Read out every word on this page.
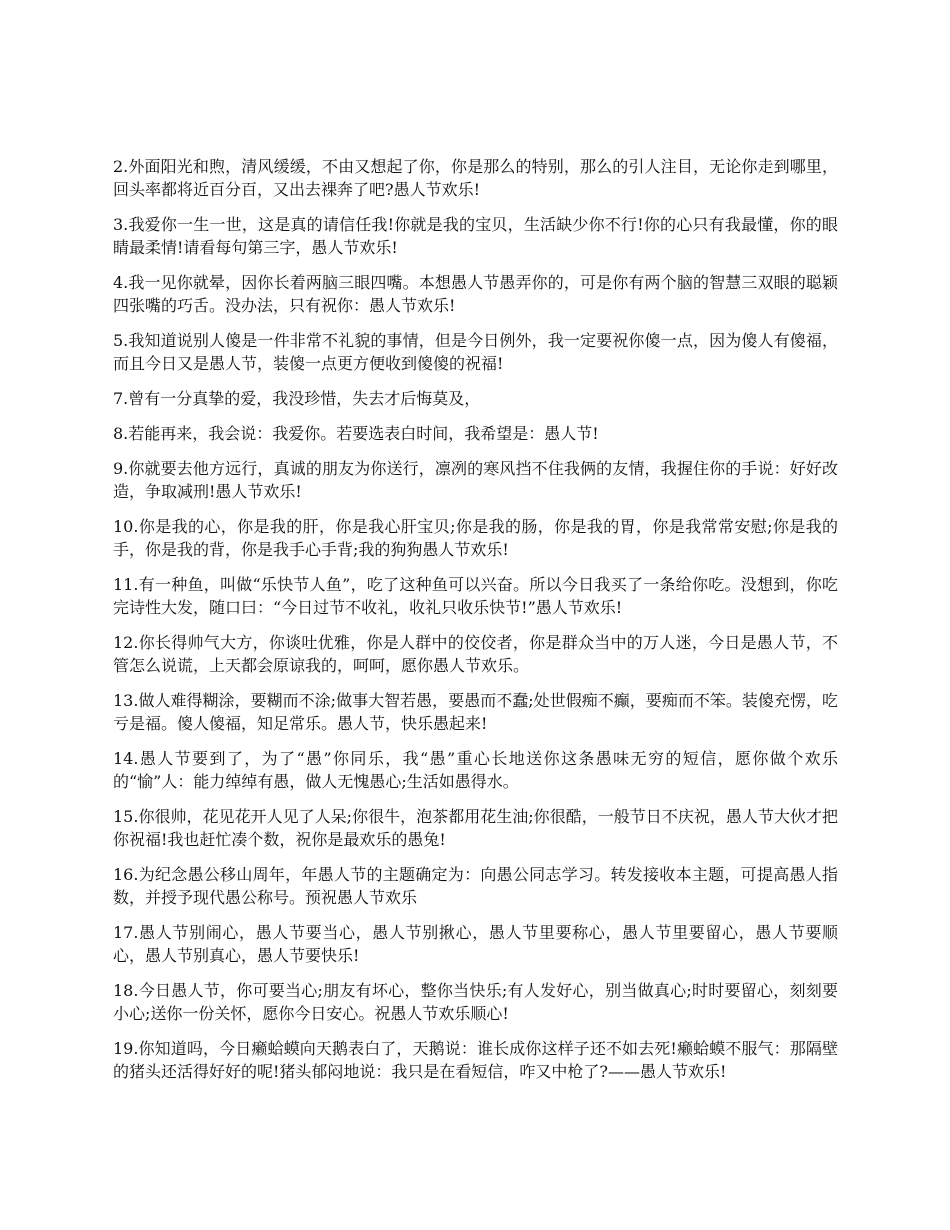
2.外面阳光和煦，清风缓缓，不由又想起了你，你是那么的特别，那么的引人注目，无论你走到哪里，回头率都将近百分百，又出去裸奔了吧?愚人节欢乐!

3.我爱你一生一世，这是真的请信任我!你就是我的宝贝，生活缺少你不行!你的心只有我最懂，你的眼睛最柔情!请看每句第三字，愚人节欢乐!

4.我一见你就晕，因你长着两脑三眼四嘴。本想愚人节愚弄你的，可是你有两个脑的智慧三双眼的聪颖四张嘴的巧舌。没办法，只有祝你：愚人节欢乐!

5.我知道说别人傻是一件非常不礼貌的事情，但是今日例外，我一定要祝你傻一点，因为傻人有傻福，而且今日又是愚人节，装傻一点更方便收到傻傻的祝福!

7.曾有一分真挚的爱，我没珍惜，失去才后悔莫及，

8.若能再来，我会说：我爱你。若要选表白时间，我希望是：愚人节!

9.你就要去他方远行，真诚的朋友为你送行，凛冽的寒风挡不住我俩的友情，我握住你的手说：好好改造，争取减刑!愚人节欢乐!

10.你是我的心，你是我的肝，你是我心肝宝贝;你是我的肠，你是我的胃，你是我常常安慰;你是我的手，你是我的背，你是我手心手背;我的狗狗愚人节欢乐!

11.有一种鱼，叫做“乐快节人鱼”，吃了这种鱼可以兴奋。所以今日我买了一条给你吃。没想到，你吃完诗性大发，随口曰：“今日过节不收礼，收礼只收乐快节!”愚人节欢乐!

12.你长得帅气大方，你谈吐优雅，你是人群中的佼佼者，你是群众当中的万人迷，今日是愚人节，不管怎么说谎，上天都会原谅我的，呵呵，愿你愚人节欢乐。

13.做人难得糊涂，要糊而不涂;做事大智若愚，要愚而不蠢;处世假痴不癫，要痴而不笨。装傻充愣，吃亏是福。傻人傻福，知足常乐。愚人节，快乐愚起来!

14.愚人节要到了，为了“愚”你同乐，我“愚”重心长地送你这条愚味无穷的短信，愿你做个欢乐的“愉”人：能力绰绰有愚，做人无愧愚心;生活如愚得水。

15.你很帅，花见花开人见了人呆;你很牛，泡茶都用花生油;你很酷，一般节日不庆祝，愚人节大伙才把你祝福!我也赶忙凑个数，祝你是最欢乐的愚兔!

16.为纪念愚公移山周年，年愚人节的主题确定为：向愚公同志学习。转发接收本主题，可提高愚人指数，并授予现代愚公称号。预祝愚人节欢乐

17.愚人节别闹心，愚人节要当心，愚人节别揪心，愚人节里要称心，愚人节里要留心，愚人节要顺心，愚人节别真心，愚人节要快乐!

18.今日愚人节，你可要当心;朋友有坏心，整你当快乐;有人发好心，别当做真心;时时要留心，刻刻要小心;送你一份关怀，愿你今日安心。祝愚人节欢乐顺心!

19.你知道吗，今日癞蛤蟆向天鹅表白了，天鹅说：谁长成你这样子还不如去死!癞蛤蟆不服气：那隔壁的猪头还活得好好的呢!猪头郁闷地说：我只是在看短信，咋又中枪了?——愚人节欢乐!
